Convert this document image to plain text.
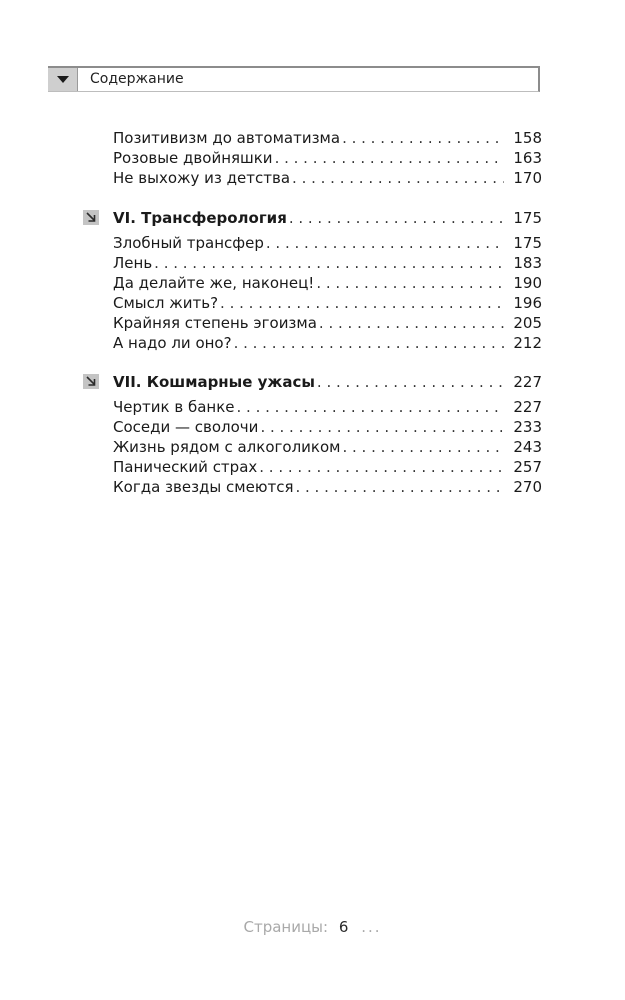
Содержание
Позитивизм до автоматизма . . .	158
Розовые двойняшки . . .	163
Не выхожу из детства . . .	170
VI. Трансферология . . .	175
Злобный трансфер . . .	175
Лень . . .	183
Да делайте же, наконец! . . .	190
Смысл жить? . . .	196
Крайняя степень эгоизма . . .	205
А надо ли оно? . . .	212
VII. Кошмарные ужасы . . .	227
Чертик в банке . . .	227
Соседи — сволочи . . .	233
Жизнь рядом с алкоголиком . . .	243
Панический страх . . .	257
Когда звезды смеются . . .	270
Страницы: 6 ...
